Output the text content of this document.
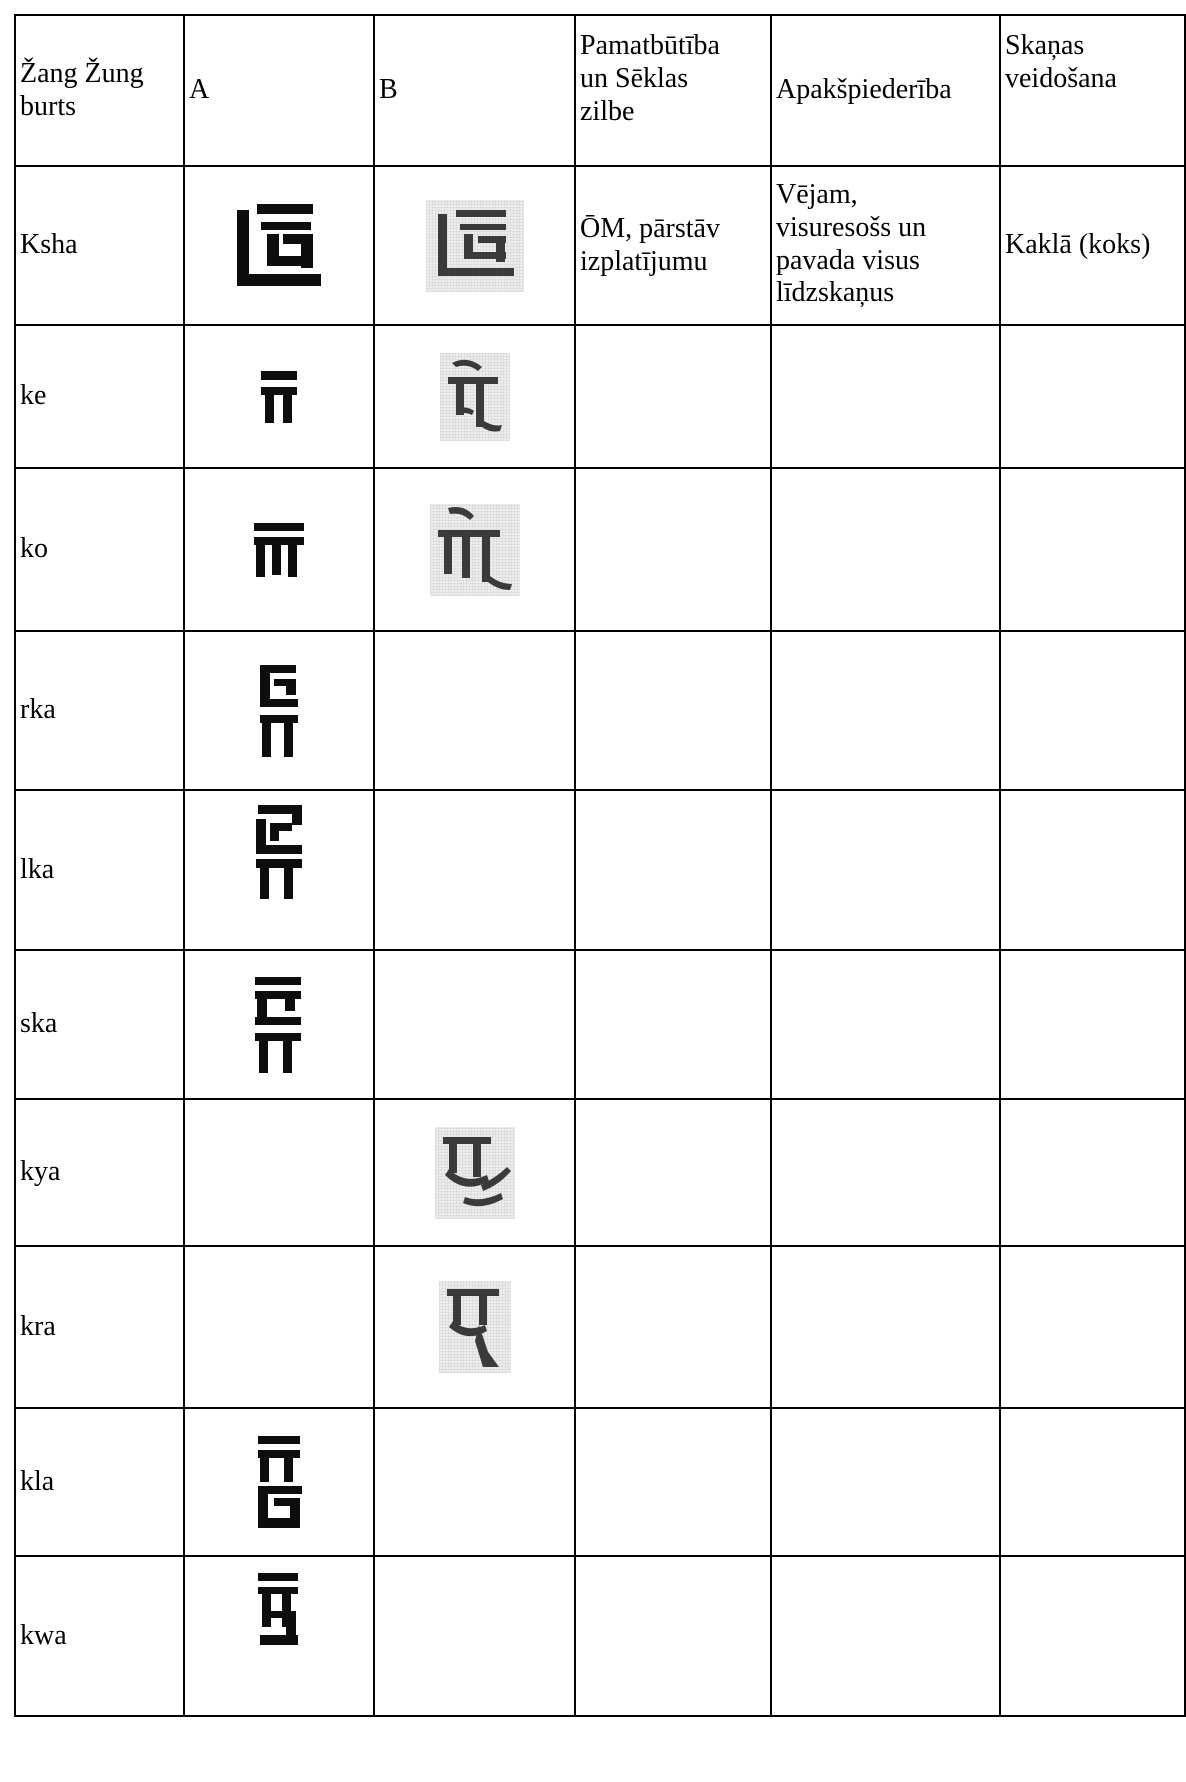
Žang Žung
burts
A	B
Pamatbūtība
un Sēklas
zilbe
Apakšpiederība
Skaņas
veidošana
Ksha
ŌM, pārstāv
izplatījumu
Vējam,
visuresošs un
pavada visus
līdzskaņus
Kaklā (koks)
ke
ko
rka
lka
ska
kya
kra
kla
kwa
